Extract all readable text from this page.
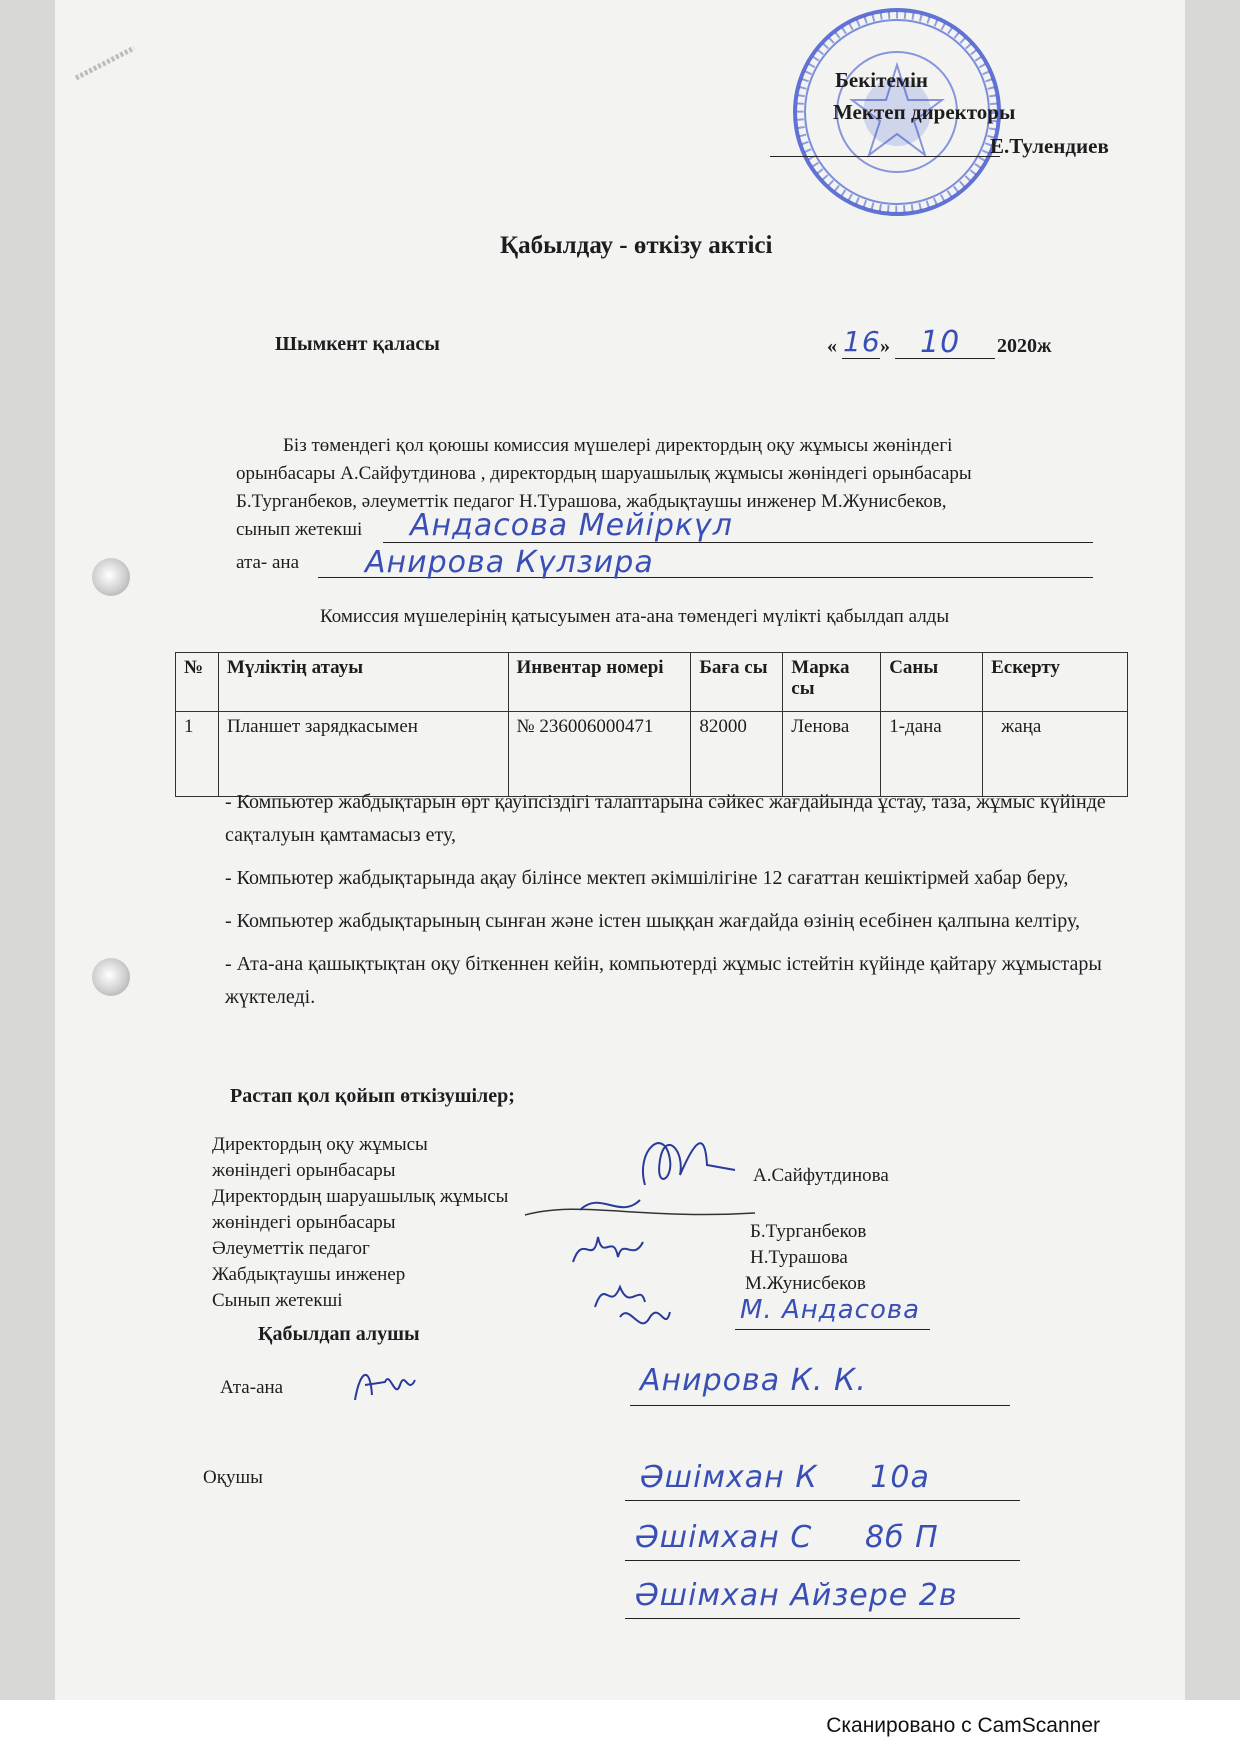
Бекітемін
Мектеп директоры
Е.Тулендиев
Қабылдау - өткізу актісі
Шымкент қаласы	« 16 » 10 2020ж
Біз төмендегі қол қоюшы комиссия мүшелері директордың оқу жұмысы жөніндегі
орынбасары А.Сайфутдинова , директордың шаруашылық жұмысы жөніндегі орынбасары
Б.Турганбеков, әлеуметтік педагог Н.Турашова, жабдықтаушы инженер М.Жунисбеков,
сынып жетекші Андасова Мейіркүл
ата- ана Анирова Күлзира
Комиссия мүшелерінің қатысуымен ата-ана төмендегі мүлікті қабылдап алды
№	Мүліктің атауы	Инвентар номері	Баға сы	Марка сы	Саны	Ескерту
1	Планшет зарядкасымен	№ 236006000471	82000	Ленова	1-дана	жаңа

- Компьютер жабдықтарын өрт қауіпсіздігі талаптарына сәйкес жағдайында ұстау, таза, жұмыс күйінде сақталуын қамтамасыз ету,

- Компьютер жабдықтарында ақау білінсе мектеп әкімшілігіне 12 сағаттан кешіктірмей хабар беру,

- Компьютер жабдықтарының сынған және істен шыққан жағдайда өзінің есебінен қалпына келтіру,

- Ата-ана қашықтықтан оқу біткеннен кейін, компьютерді жұмыс істейтін күйінде қайтару жұмыстары жүктеледі.

Растап қол қойып өткізушілер;
Директордың оқу жұмысы
жөніндегі орынбасары
Директордың шаруашылық жұмысы
жөніндегі орынбасары
Әлеуметтік педагог
Жабдықтаушы инженер
Сынып жетекші
А.Сайфутдинова
Б.Турганбеков
Н.Турашова
М.Жунисбеков
М. Андасова
Қабылдап алушы
Ата-ана	Анирова К. К.
Оқушы	Әшімхан К     10а
Әшімхан С     8б П
Әшімхан Айзере 2в
Сканировано с CamScanner
